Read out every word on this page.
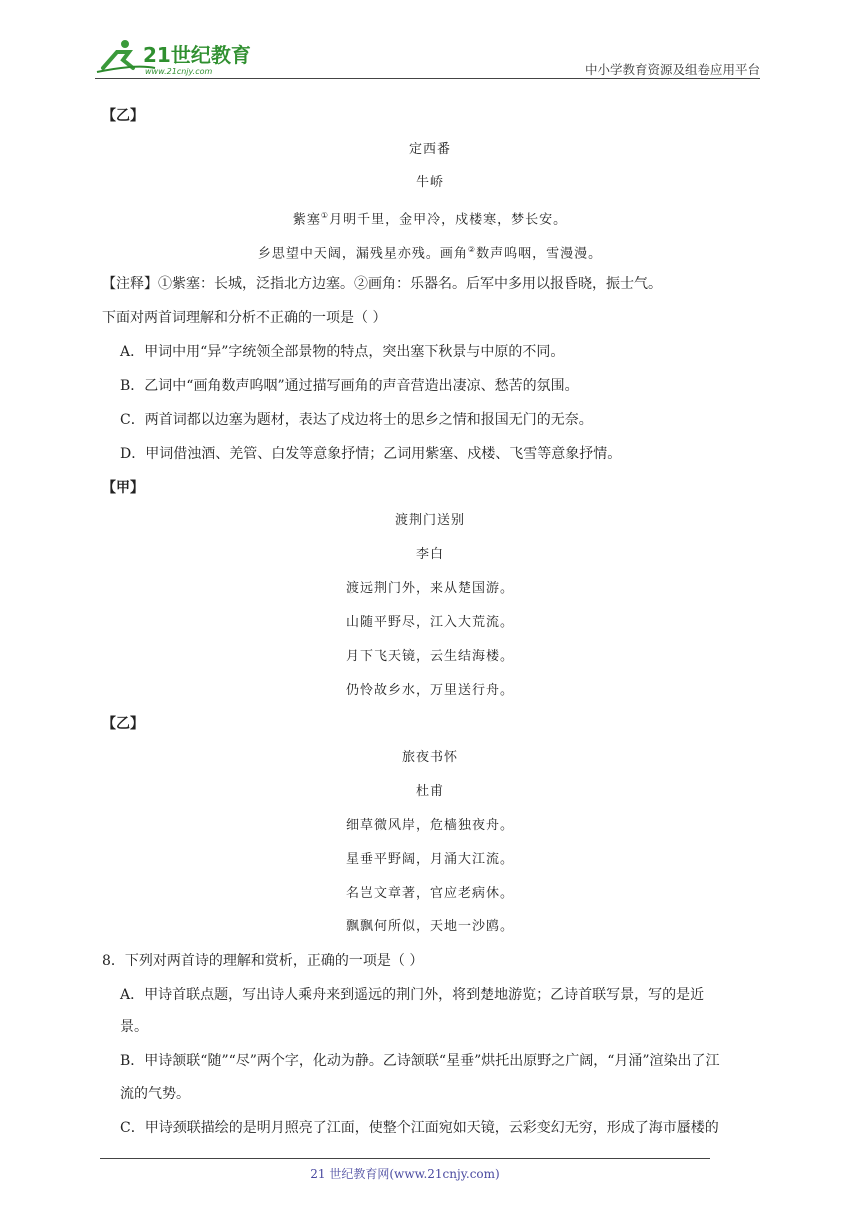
21世纪教育
www.21cnjy.com	中小学教育资源及组卷应用平台
【乙】
定西番
牛峤
紫塞①月明千里，金甲冷，戍楼寒，梦长安。
乡思望中天阔，漏残星亦残。画角②数声呜咽，雪漫漫。
【注释】①紫塞：长城，泛指北方边塞。②画角：乐器名。后军中多用以报昏晓，振士气。
下面对两首词理解和分析不正确的一项是（ ）
A．甲词中用“异”字统领全部景物的特点，突出塞下秋景与中原的不同。
B．乙词中“画角数声呜咽”通过描写画角的声音营造出凄凉、愁苦的氛围。
C．两首词都以边塞为题材，表达了戍边将士的思乡之情和报国无门的无奈。
D．甲词借浊酒、羌管、白发等意象抒情；乙词用紫塞、戍楼、飞雪等意象抒情。
【甲】
渡荆门送别
李白
渡远荆门外，来从楚国游。
山随平野尽，江入大荒流。
月下飞天镜，云生结海楼。
仍怜故乡水，万里送行舟。
【乙】
旅夜书怀
杜甫
细草微风岸，危樯独夜舟。
星垂平野阔，月涌大江流。
名岂文章著，官应老病休。
飘飘何所似，天地一沙鸥。
8．下列对两首诗的理解和赏析，正确的一项是（ ）
A．甲诗首联点题，写出诗人乘舟来到遥远的荆门外，将到楚地游览；乙诗首联写景，写的是近
景。
B．甲诗颔联“随”“尽”两个字，化动为静。乙诗颔联“星垂”烘托出原野之广阔，“月涌”渲染出了江
流的气势。
C．甲诗颈联描绘的是明月照亮了江面，使整个江面宛如天镜，云彩变幻无穷，形成了海市蜃楼的
21 世纪教育网(www.21cnjy.com)
